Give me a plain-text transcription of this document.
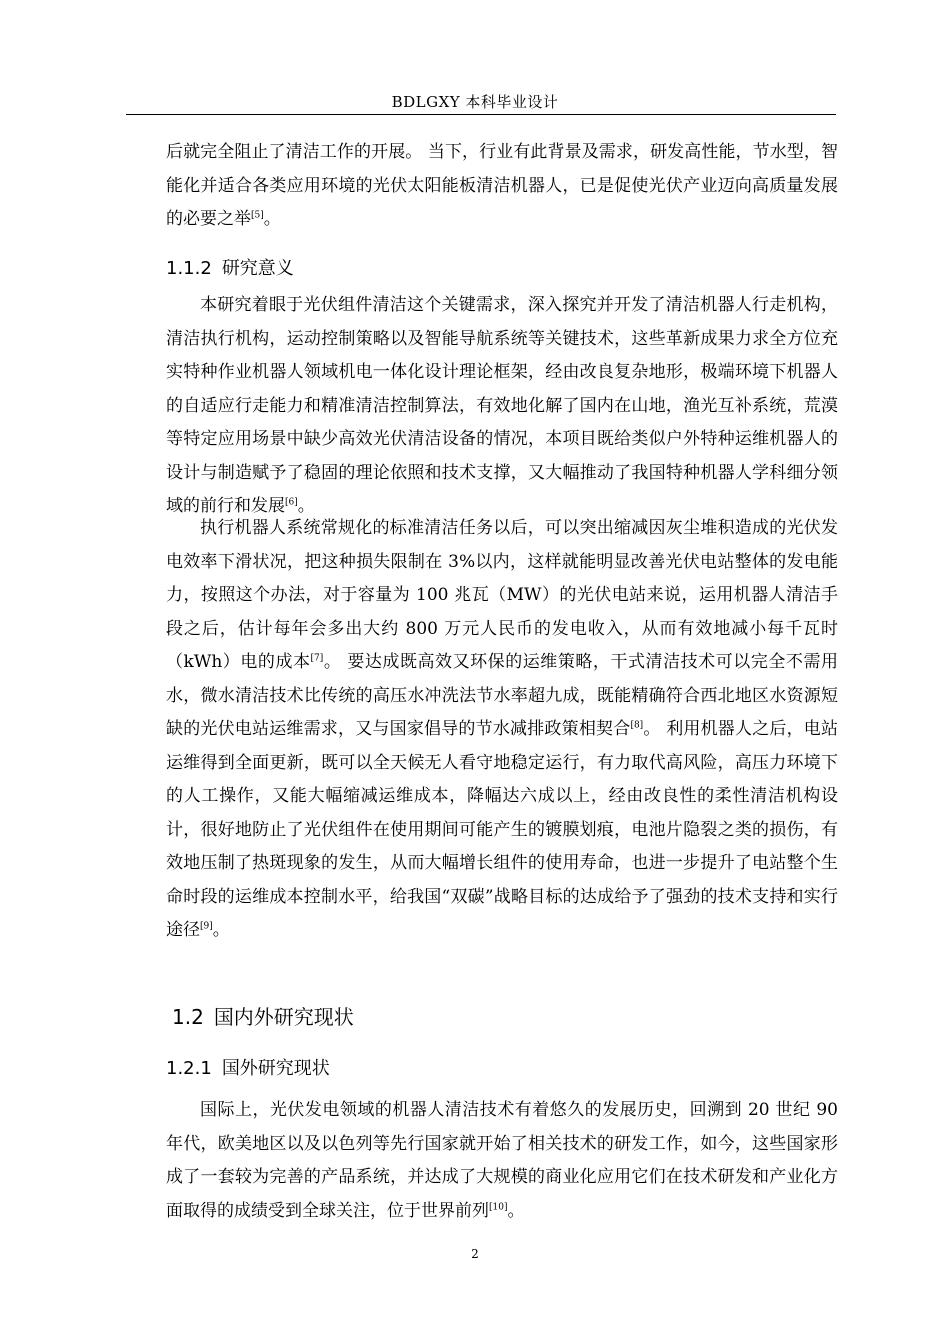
BDLGXY 本科毕业设计

后就完全阻止了清洁工作的开展。 当下，行业有此背景及需求，研发高性能，节水型，智能化并适合各类应用环境的光伏太阳能板清洁机器人，已是促使光伏产业迈向高质量发展的必要之举[5]。

1.1.2 研究意义

本研究着眼于光伏组件清洁这个关键需求，深入探究并开发了清洁机器人行走机构，清洁执行机构，运动控制策略以及智能导航系统等关键技术，这些革新成果力求全方位充实特种作业机器人领域机电一体化设计理论框架，经由改良复杂地形，极端环境下机器人的自适应行走能力和精准清洁控制算法，有效地化解了国内在山地，渔光互补系统，荒漠等特定应用场景中缺少高效光伏清洁设备的情况，本项目既给类似户外特种运维机器人的设计与制造赋予了稳固的理论依照和技术支撑，又大幅推动了我国特种机器人学科细分领域的前行和发展[6]。

执行机器人系统常规化的标准清洁任务以后，可以突出缩减因灰尘堆积造成的光伏发电效率下滑状况，把这种损失限制在 3%以内，这样就能明显改善光伏电站整体的发电能力，按照这个办法，对于容量为 100 兆瓦（MW）的光伏电站来说，运用机器人清洁手段之后，估计每年会多出大约 800 万元人民币的发电收入，从而有效地减小每千瓦时（kWh）电的成本[7]。 要达成既高效又环保的运维策略，干式清洁技术可以完全不需用水，微水清洁技术比传统的高压水冲洗法节水率超九成，既能精确符合西北地区水资源短缺的光伏电站运维需求，又与国家倡导的节水减排政策相契合[8]。 利用机器人之后，电站运维得到全面更新，既可以全天候无人看守地稳定运行，有力取代高风险，高压力环境下的人工操作，又能大幅缩减运维成本，降幅达六成以上，经由改良性的柔性清洁机构设计，很好地防止了光伏组件在使用期间可能产生的镀膜划痕，电池片隐裂之类的损伤，有效地压制了热斑现象的发生，从而大幅增长组件的使用寿命，也进一步提升了电站整个生命时段的运维成本控制水平，给我国“双碳”战略目标的达成给予了强劲的技术支持和实行途径[9]。

1.2 国内外研究现状
1.2.1 国外研究现状

国际上，光伏发电领域的机器人清洁技术有着悠久的发展历史，回溯到 20 世纪 90 年代，欧美地区以及以色列等先行国家就开始了相关技术的研发工作，如今，这些国家形成了一套较为完善的产品系统，并达成了大规模的商业化应用它们在技术研发和产业化方面取得的成绩受到全球关注，位于世界前列[10]。

2
